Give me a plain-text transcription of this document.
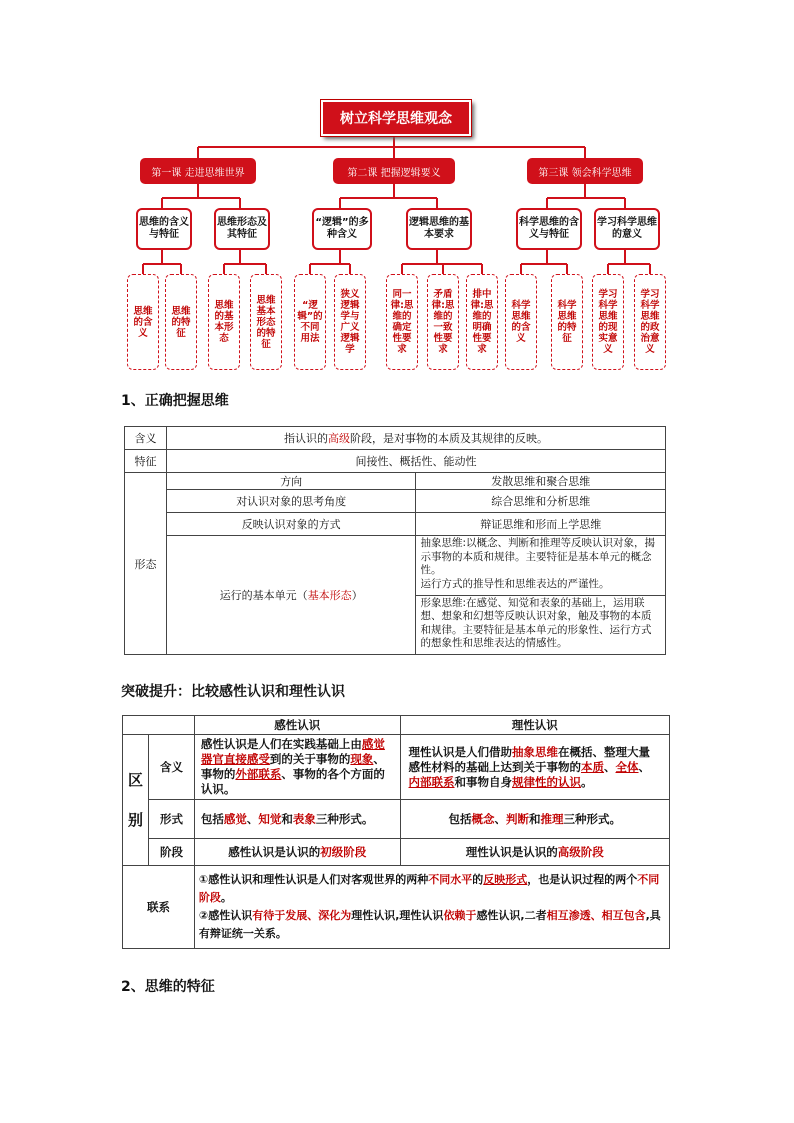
树立科学思维观念
第一课 走进思维世界	第二课 把握逻辑要义	第三课 领会科学思维
思维的含义与特征
思维形态及其特征
“逻辑”的多种含义
逻辑思维的基本要求
科学思维的含义与特征
学习科学思维的意义
思维的含义
思维的特征
思维的基本形态
思维基本形态的特征
“逻辑”的不同用法
狭义逻辑学与广义逻辑学
同一律:思维的确定性要求
矛盾律:思维的一致性要求
排中律:思维的明确性要求
科学思维的含义
科学思维的特征
学习科学思维的现实意义
学习科学思维的政治意义
1、正确把握思维
含义	指认识的高级阶段，是对事物的本质及其规律的反映。	
特征	间接性、概括性、能动性	
形态	方向	发散思维和聚合思维
	对认识对象的思考角度	综合思维和分析思维
	反映认识对象的方式	辩证思维和形而上学思维
	运行的基本单元（基本形态）	抽象思维:以概念、判断和推理等反映认识对象，揭示事物的本质和规律。主要特征是基本单元的概念性。
运行方式的推导性和思维表达的严谨性。
		形象思维:在感觉、知觉和表象的基础上，运用联想、想象和幻想等反映认识对象，触及事物的本质和规律。主要特征是基本单元的形象性、运行方式的想象性和思维表达的情感性。
突破提升：比较感性认识和理性认识
		感性认识	理性认识
区
别	含义	感性认识是人们在实践基础上由感觉器官直接感受到的关于事物的现象、事物的外部联系、事物的各个方面的认识。	理性认识是人们借助抽象思维在概括、整理大量感性材料的基础上达到关于事物的本质、全体、内部联系和事物自身规律性的认识。
	形式	包括感觉、知觉和表象三种形式。	包括概念、判断和推理三种形式。
	阶段	感性认识是认识的初级阶段	理性认识是认识的高级阶段
联系		①感性认识和理性认识是人们对客观世界的两种不同水平的反映形式，也是认识过程的两个不同阶段。
②感性认识有待于发展、深化为理性认识,理性认识依赖于感性认识,二者相互渗透、相互包含,具有辩证统一关系。	
2、思维的特征
